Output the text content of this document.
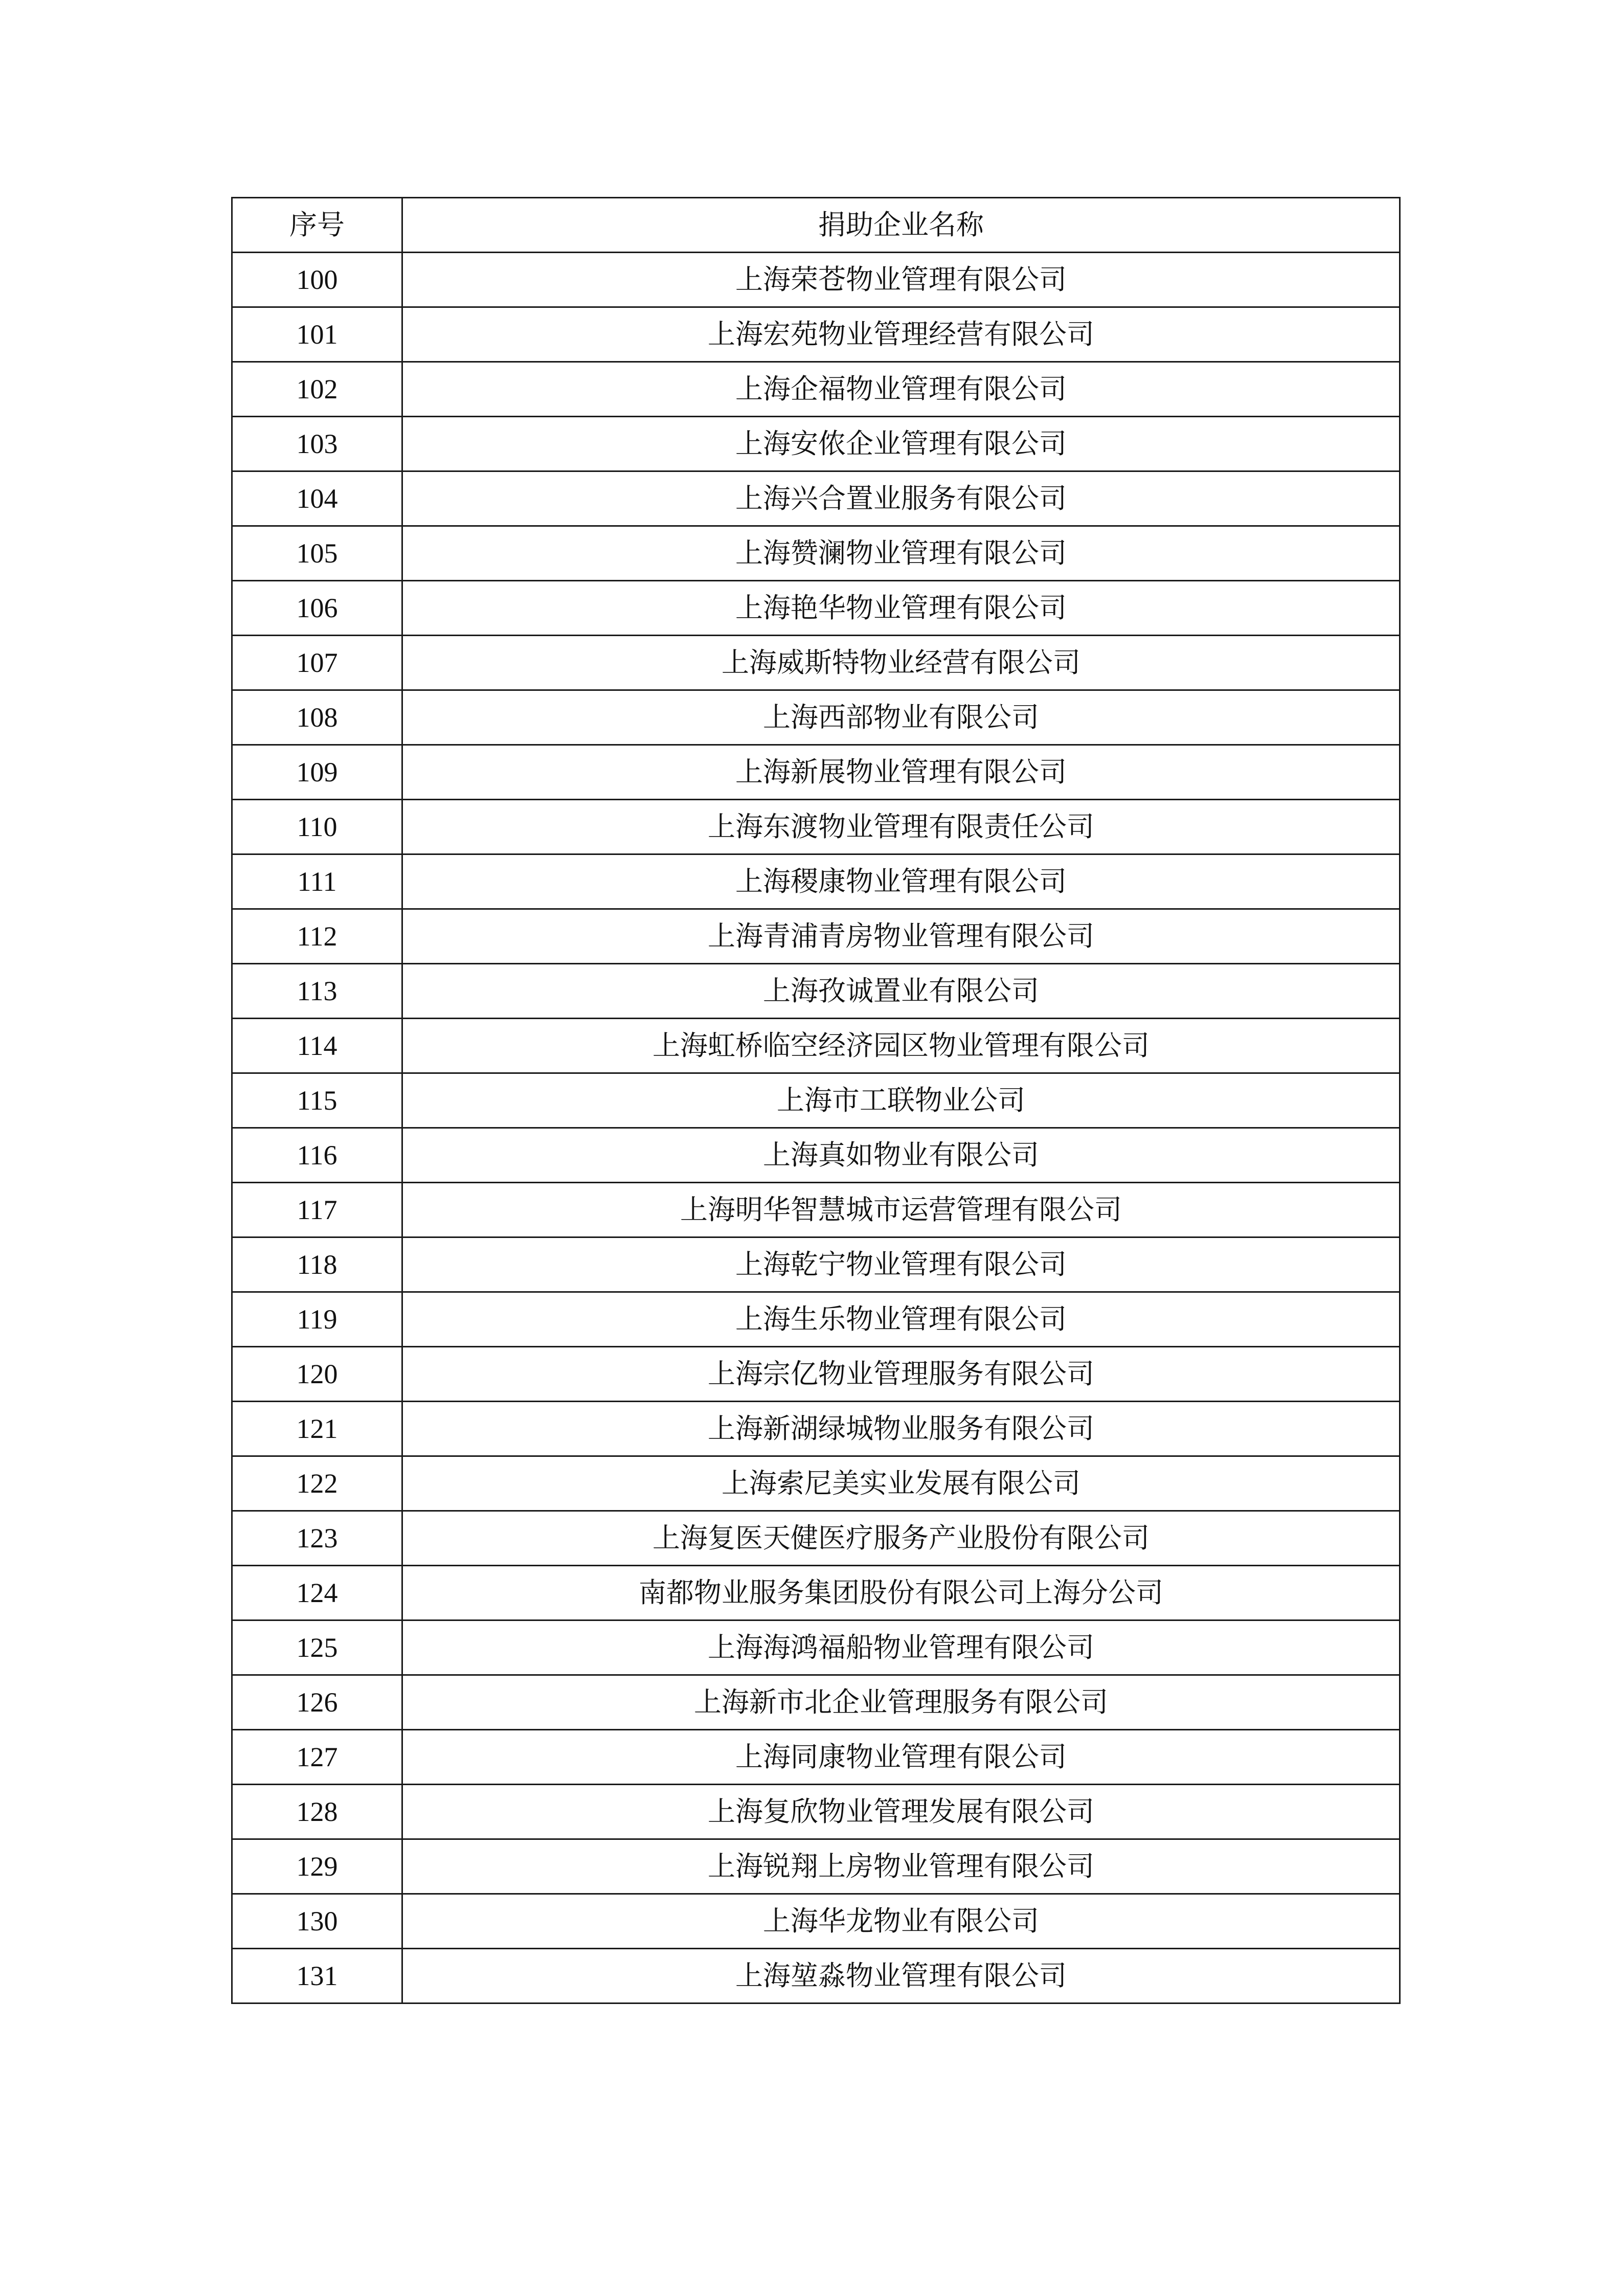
序号	捐助企业名称
100	上海荣苍物业管理有限公司
101	上海宏苑物业管理经营有限公司
102	上海企福物业管理有限公司
103	上海安侬企业管理有限公司
104	上海兴合置业服务有限公司
105	上海赞澜物业管理有限公司
106	上海艳华物业管理有限公司
107	上海威斯特物业经营有限公司
108	上海西部物业有限公司
109	上海新展物业管理有限公司
110	上海东渡物业管理有限责任公司
111	上海稷康物业管理有限公司
112	上海青浦青房物业管理有限公司
113	上海孜诚置业有限公司
114	上海虹桥临空经济园区物业管理有限公司
115	上海市工联物业公司
116	上海真如物业有限公司
117	上海明华智慧城市运营管理有限公司
118	上海乾宁物业管理有限公司
119	上海生乐物业管理有限公司
120	上海宗亿物业管理服务有限公司
121	上海新湖绿城物业服务有限公司
122	上海索尼美实业发展有限公司
123	上海复医天健医疗服务产业股份有限公司
124	南都物业服务集团股份有限公司上海分公司
125	上海海鸿福船物业管理有限公司
126	上海新市北企业管理服务有限公司
127	上海同康物业管理有限公司
128	上海复欣物业管理发展有限公司
129	上海锐翔上房物业管理有限公司
130	上海华龙物业有限公司
131	上海堃淼物业管理有限公司
